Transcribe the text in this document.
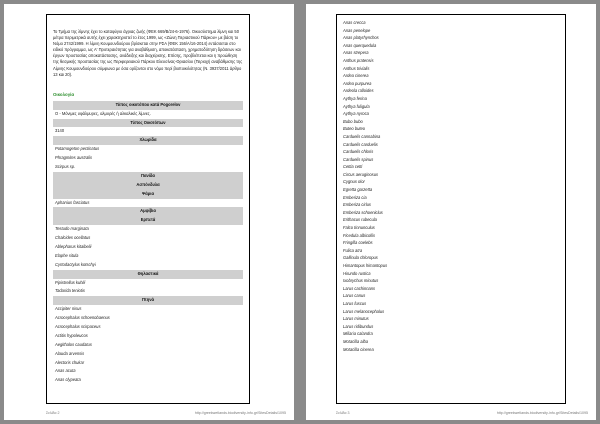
Το Τμήμα της λίμνης έχει το καταφύγιο άγριας ζωής (ΦΕΚ 669/Β/24-6-1976). Οικοσύστημα λίμνη και 50 μέτρα περιμετρικά αυτής έχει χαρακτηριστεί το έτος 1999, ως «Ζώνη Περιαστικού Πάρκου» με βάση το Νόμο 2742/1999. Η λίμνη Κουμουνδούρου βρίσκεται στην ΡΣΑ (ΦΕΚ 156/Α/16-2014) εντάσσεται στο ειδικό πρόγραμμα, ως Α' Προτεραιότητας για αναβάθμιση, αποκατάσταση, χρηματοδότηση δράσεων και έργων προστασίας αποκατάστασης, ανάδειξης και διαχείρισης. Επίσης, προβλέπεται και η προώθηση της θεσμικής προστασίας της ως Περιφερειακού Πάρκου Ελευσίνας-Θριασίου (Περιοχή αναβάθμισης της Λίμνης Κουμουνδούρου σύμφωνα με όσα ορίζονται στο νόμο περί βιοποικιλότητας (Ν. 3937/2011 άρθρο 13 και 20).
Οικολογία
Τύπος οικοτόπου κατά Pogorelov
Ο - Μόνιμες υφάλμυρες, αλμυρές ή αλκαλικές λίμνες.
Τύπος Οικοτόπων
3140
Χλωρίδα
Potamogeton pectinatus
Phragmites australis
Scirpus sp.
Πανίδα
Ασπόνδυλα
Ψάρια
Aphanius fasciatus
Αμφίβια
Ερπετά
Testudo marginata
Chalcides ocellatus
Ablepharus kitaibelii
Elaphe situla
Cyrtodactylus kotschyi
Θηλαστικά
Pipistrellus kuhlii
Tadarida teniotis
Πτηνά
Accipiter nisus
Acrocephalus schoenobaenus
Acrocephalus scirpaceus
Actitis hypoleucos
Aegithalos caudatus
Alauda arvensis
Alectoris chukar
Anas acuta
Anas clypeata
Σελίδα 2	http://greekwetlands.biodiversity-info.gr/SitesDetails/1095
Anas crecca
Anas penelope
Anas platyrhynchos
Anas querquedula
Anas strepera
Anthus pratensis
Anthus trivialis
Ardea cinerea
Ardea purpurea
Ardeola ralloides
Aythya ferina
Aythya fuligula
Aythya nyroca
Bubo bubo
Buteo buteo
Carduelis cannabina
Carduelis carduelis
Carduelis chloris
Carduelis spinus
Cettia cetti
Circus aeruginosus
Cygnus olor
Egretta garzetta
Emberiza cia
Emberiza cirlus
Emberiza schoeniclus
Erithacus rubecula
Falco tinnunculus
Ficedula albicollis
Fringilla coelebs
Fulica atra
Gallinula chloropus
Himantopus himantopus
Hirundo rustica
Ixobrychus minutus
Larus cachinnans
Larus canus
Larus fuscus
Larus melanocephalus
Larus minutus
Larus ridibundus
Miliaria calandra
Motacilla alba
Motacilla cinerea
Σελίδα 3	http://greekwetlands.biodiversity-info.gr/SitesDetails/1095
